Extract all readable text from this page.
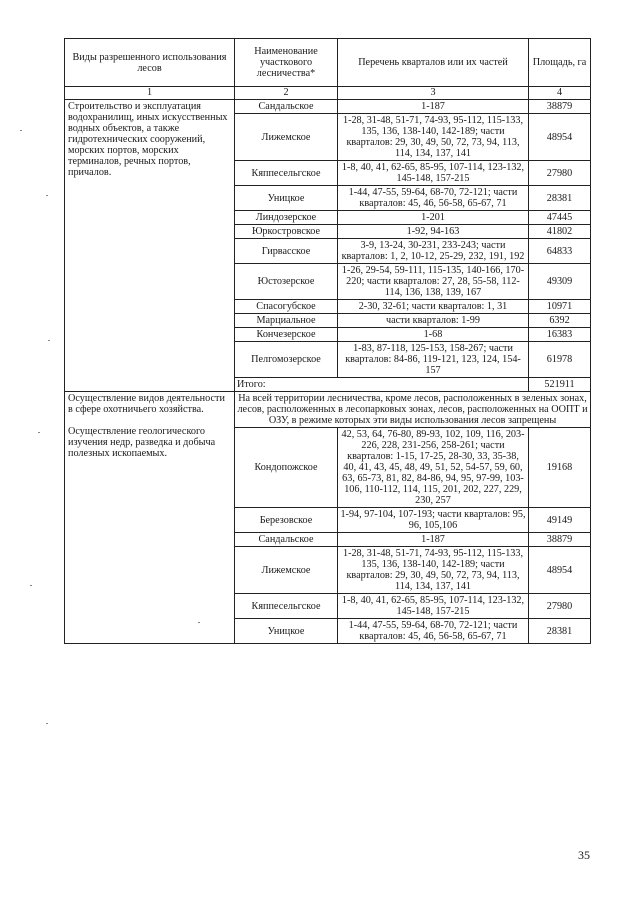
Виды разрешенного использования лесов	Наименование участкового лесничества*	Перечень кварталов или их частей	Площадь, га
1	2	3	4
Строительство и эксплуатация водохранилищ, иных искусственных водных объектов, а также гидротехнических сооружений, морских портов, морских терминалов, речных портов, причалов.	Сандальское	1-187	38879
	Лижемское	1-28, 31-48, 51-71, 74-93, 95-112, 115-133, 135, 136, 138-140, 142-189; части кварталов: 29, 30, 49, 50, 72, 73, 94, 113, 114, 134, 137, 141	48954
	Кяппесельгское	1-8, 40, 41, 62-65, 85-95, 107-114, 123-132, 145-148, 157-215	27980
	Уницкое	1-44, 47-55, 59-64, 68-70, 72-121; части кварталов: 45, 46, 56-58, 65-67, 71	28381
	Линдозерское	1-201	47445
	Юркостровское	1-92, 94-163	41802
	Гирвасское	3-9, 13-24, 30-231, 233-243; части кварталов: 1, 2, 10-12, 25-29, 232, 191, 192	64833
	Юстозерское	1-26, 29-54, 59-111, 115-135, 140-166, 170-220; части кварталов: 27, 28, 55-58, 112-114, 136, 138, 139, 167	49309
	Спасогубское	2-30, 32-61; части кварталов: 1, 31	10971
	Марциальное	части кварталов: 1-99	6392
	Кончезерское	1-68	16383
	Пелгомозерское	1-83, 87-118, 125-153, 158-267; части кварталов: 84-86, 119-121, 123, 124, 154-157	61978
	Итого:		521911

Осуществление видов деятельности в сфере охотничьего хозяйства.
Осуществление геологического изучения недр, разведка и добыча полезных ископаемых.	На всей территории лесничества, кроме лесов, расположенных в зеленых зонах, лесов, расположенных в лесопарковых зонах, лесов, расположенных на ООПТ и ОЗУ, в режиме которых эти виды использования лесов запрещены		
	Кондопожское	42, 53, 64, 76-80, 89-93, 102, 109, 116, 203-226, 228, 231-256, 258-261; части кварталов: 1-15, 17-25, 28-30, 33, 35-38, 40, 41, 43, 45, 48, 49, 51, 52, 54-57, 59, 60, 63, 65-73, 81, 82, 84-86, 94, 95, 97-99, 103-106, 110-112, 114, 115, 201, 202, 227, 229, 230, 257	19168
	Березовское	1-94, 97-104, 107-193; части кварталов: 95, 96, 105,106	49149
	Сандальское	1-187	38879
	Лижемское	1-28, 31-48, 51-71, 74-93, 95-112, 115-133, 135, 136, 138-140, 142-189; части кварталов: 29, 30, 49, 50, 72, 73, 94, 113, 114, 134, 137, 141	48954
	Кяппесельгское	1-8, 40, 41, 62-65, 85-95, 107-114, 123-132, 145-148, 157-215	27980
	Уницкое	1-44, 47-55, 59-64, 68-70, 72-121; части кварталов: 45, 46, 56-58, 65-67, 71	28381
35
